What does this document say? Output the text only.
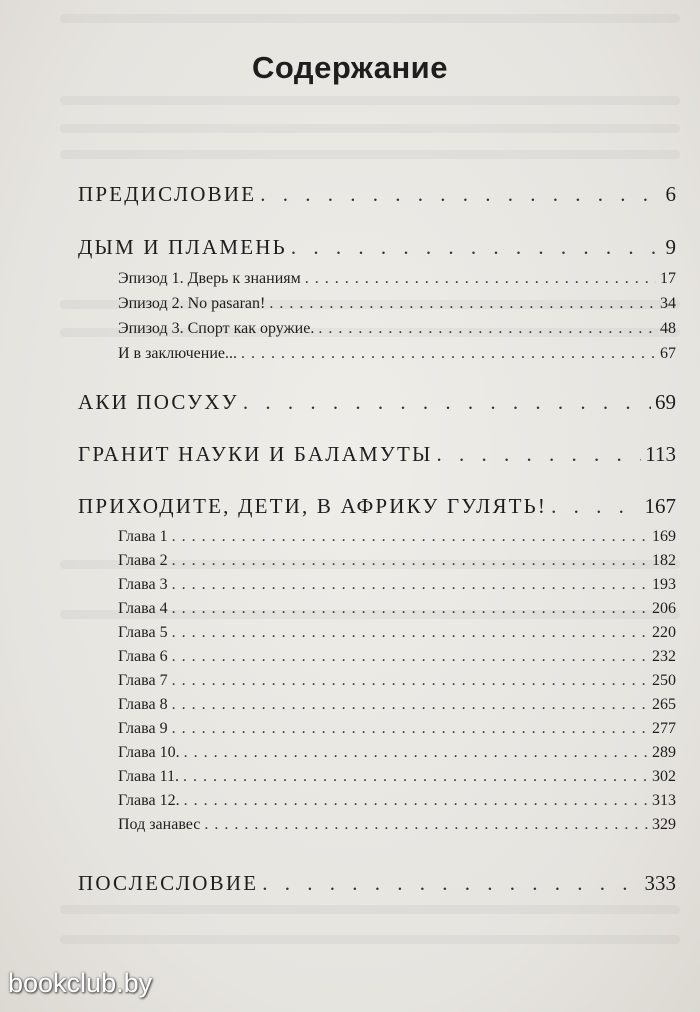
Содержание
ПРЕДИСЛОВИЕ . . .	6
ДЫМ И ПЛАМЕНЬ . . .	9
Эпизод 1. Дверь к знаниям . . .	17
Эпизод 2. No pasaran! . . .	34
Эпизод 3. Спорт как оружие. . . .	48
И в заключение... . . .	67
АКИ ПОСУХУ . . .	69
ГРАНИТ НАУКИ И БАЛАМУТЫ . . .	113
ПРИХОДИТЕ, ДЕТИ, В АФРИКУ ГУЛЯТЬ! . . .	167
Глава 1 . . .	169
Глава 2 . . .	182
Глава 3 . . .	193
Глава 4 . . .	206
Глава 5 . . .	220
Глава 6 . . .	232
Глава 7 . . .	250
Глава 8 . . .	265
Глава 9 . . .	277
Глава 10. . . .	289
Глава 11. . . .	302
Глава 12. . . .	313
Под занавес . . .	329
ПОСЛЕСЛОВИЕ . . .	333
bookclub.by
